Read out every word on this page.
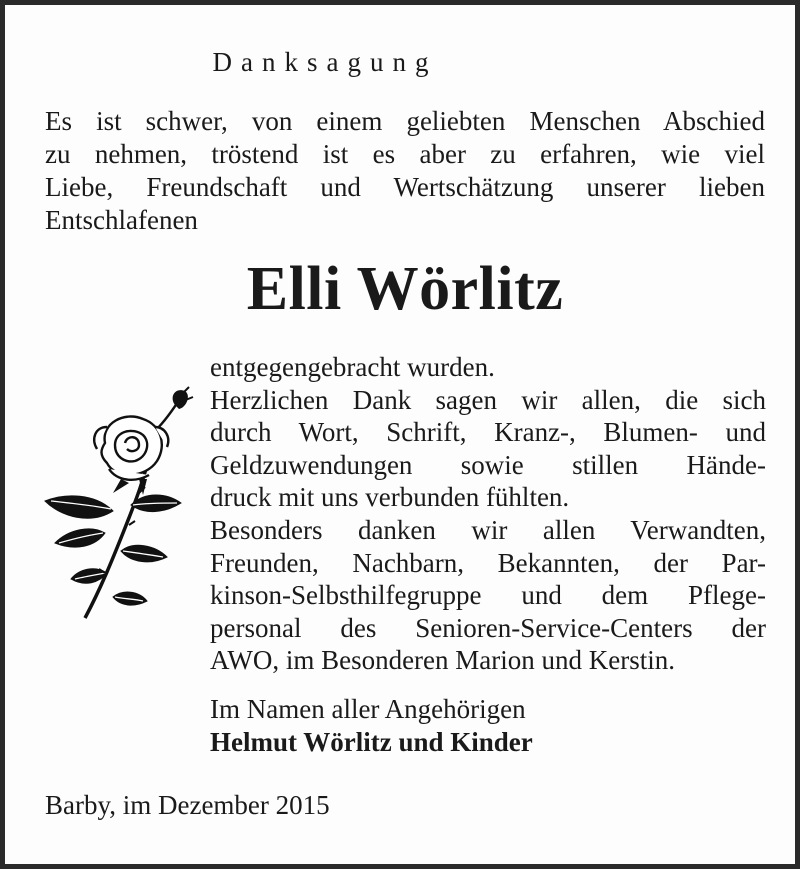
Danksagung
Es ist schwer, von einem geliebten Menschen Abschied
zu nehmen, tröstend ist es aber zu erfahren, wie viel
Liebe, Freundschaft und Wertschätzung unserer lieben
Entschlafenen
Elli Wörlitz
entgegengebracht wurden.
Herzlichen Dank sagen wir allen, die sich
durch Wort, Schrift, Kranz-, Blumen- und
Geldzuwendungen sowie stillen Hände-
druck mit uns verbunden fühlten.
Besonders danken wir allen Verwandten,
Freunden, Nachbarn, Bekannten, der Par-
kinson-Selbsthilfegruppe und dem Pflege-
personal des Senioren-Service-Centers der
AWO, im Besonderen Marion und Kerstin.
Im Namen aller Angehörigen
Helmut Wörlitz und Kinder
Barby, im Dezember 2015
